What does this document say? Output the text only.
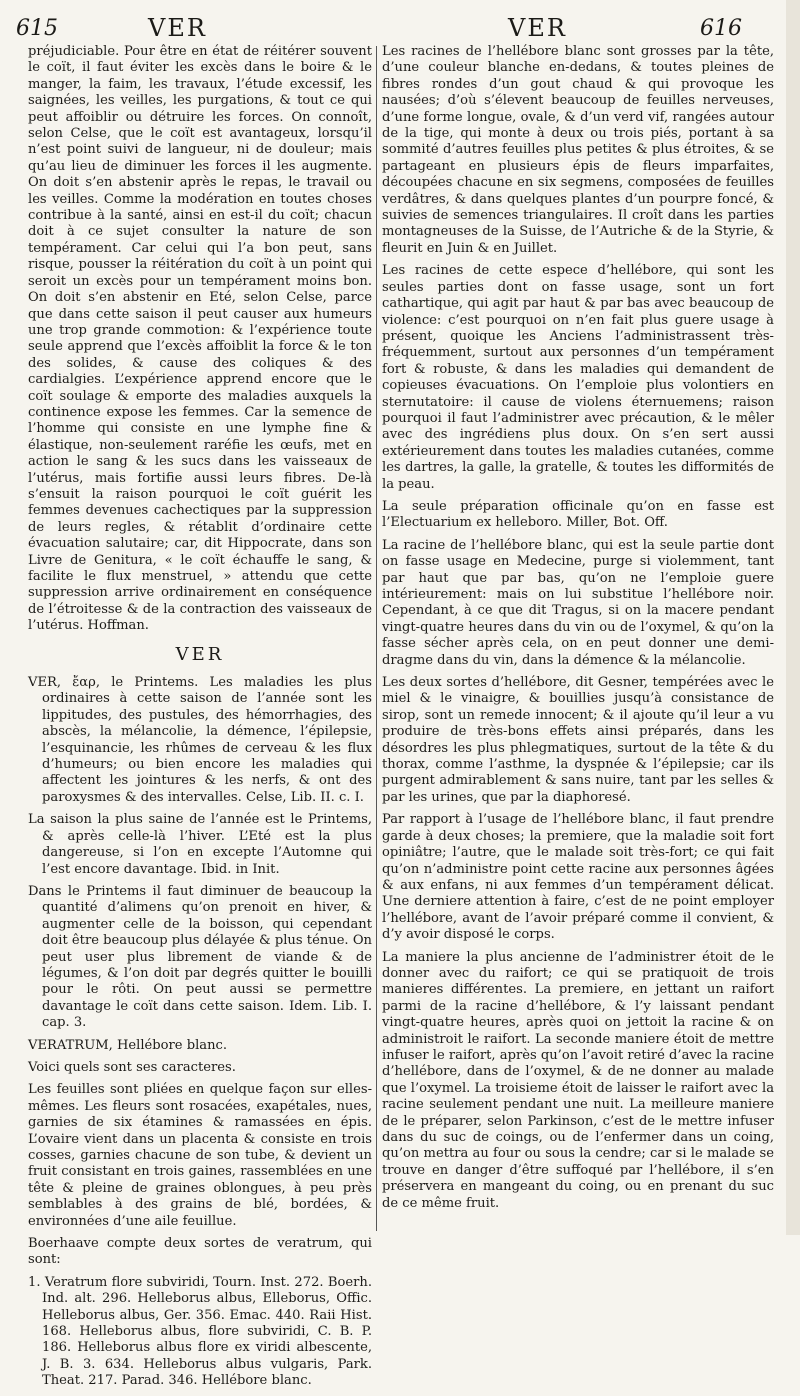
615	VER	VER	616

préjudiciable. Pour être en état de réitérer souvent le coït, il faut éviter les excès dans le boire & le manger, la faim, les travaux, l’étude excessif, les saignées, les veilles, les purgations, & tout ce qui peut affoiblir ou détruire les forces. On connoît, selon Celse, que le coït est avantageux, lorsqu’il n’est point suivi de langueur, ni de douleur; mais qu’au lieu de diminuer les forces il les augmente. On doit s’en abstenir après le repas, le travail ou les veilles. Comme la modération en toutes choses contribue à la santé, ainsi en est-il du coït; chacun doit à ce sujet consulter la nature de son tempérament. Car celui qui l’a bon peut, sans risque, pousser la réitération du coït à un point qui seroit un excès pour un tempérament moins bon. On doit s’en abstenir en Eté, selon Celse, parce que dans cette saison il peut causer aux humeurs une trop grande commotion: & l’expérience toute seule apprend que l’excès affoiblit la force & le ton des solides, & cause des coliques & des cardialgies. L’expérience apprend encore que le coït soulage & emporte des maladies auxquels la continence expose les femmes. Car la semence de l’homme qui consiste en une lymphe fine & élastique, non-seulement raréfie les œufs, met en action le sang & les sucs dans les vaisseaux de l’utérus, mais fortifie aussi leurs fibres. De-là s’ensuit la raison pourquoi le coït guérit les femmes devenues cachectiques par la suppression de leurs regles, & rétablit d’ordinaire cette évacuation salutaire; car, dit Hippocrate, dans son Livre de Genitura, « le coït échauffe le sang, & facilite le flux menstruel, » attendu que cette suppression arrive ordinairement en conséquence de l’étroitesse & de la contraction des vaisseaux de l’utérus. Hoffman.

VER

VER, ἔαρ, le Printems. Les maladies les plus ordinaires à cette saison de l’année sont les lippitudes, des pustules, des hémorrhagies, des abscès, la mélancolie, la démence, l’épilepsie, l’esquinancie, les rhûmes de cerveau & les flux d’humeurs; ou bien encore les maladies qui affectent les jointures & les nerfs, & ont des paroxysmes & des intervalles. Celse, Lib. II. c. I.

La saison la plus saine de l’année est le Printems, & après celle-là l’hiver. L’Eté est la plus dangereuse, si l’on en excepte l’Automne qui l’est encore davantage. Ibid. in Init.

Dans le Printems il faut diminuer de beaucoup la quantité d’alimens qu’on prenoit en hiver, & augmenter celle de la boisson, qui cependant doit être beaucoup plus délayée & plus ténue. On peut user plus librement de viande & de légumes, & l’on doit par degrés quitter le bouilli pour le rôti. On peut aussi se permettre davantage le coït dans cette saison. Idem. Lib. I. cap. 3.

VERATRUM, Hellébore blanc.

Voici quels sont ses caracteres.

Les feuilles sont pliées en quelque façon sur elles-mêmes. Les fleurs sont rosacées, exapétales, nues, garnies de six étamines & ramassées en épis. L’ovaire vient dans un placenta & consiste en trois cosses, garnies chacune de son tube, & devient un fruit consistant en trois gaines, rassemblées en une tête & pleine de graines oblongues, à peu près semblables à des grains de blé, bordées, & environnées d’une aile feuillue.

Boerhaave compte deux sortes de veratrum, qui sont:

1. Veratrum flore subviridi, Tourn. Inst. 272. Boerh. Ind. alt. 296. Helleborus albus, Elleborus, Offic. Helleborus albus, Ger. 356. Emac. 440. Raii Hist. 168. Helleborus albus, flore subviridi, C. B. P. 186. Helleborus albus flore ex viridi albescente, J. B. 3. 634. Helleborus albus vulgaris, Park. Theat. 217. Parad. 346. Hellébore blanc.

Les racines de l’hellébore blanc sont grosses par la tête, d’une couleur blanche en-dedans, & toutes pleines de fibres rondes d’un gout chaud & qui provoque les nausées; d’où s’élevent beaucoup de feuilles nerveuses, d’une forme longue, ovale, & d’un verd vif, rangées autour de la tige, qui monte à deux ou trois piés, portant à sa sommité d’autres feuilles plus petites & plus étroites, & se partageant en plusieurs épis de fleurs imparfaites, découpées chacune en six segmens, composées de feuilles verdâtres, & dans quelques plantes d’un pourpre foncé, & suivies de semences triangulaires. Il croît dans les parties montagneuses de la Suisse, de l’Autriche & de la Styrie, & fleurit en Juin & en Juillet.

Les racines de cette espece d’hellébore, qui sont les seules parties dont on fasse usage, sont un fort cathartique, qui agit par haut & par bas avec beaucoup de violence: c’est pourquoi on n’en fait plus guere usage à présent, quoique les Anciens l’administrassent très-fréquemment, surtout aux personnes d’un tempérament fort & robuste, & dans les maladies qui demandent de copieuses évacuations. On l’emploie plus volontiers en sternutatoire: il cause de violens éternuemens; raison pourquoi il faut l’administrer avec précaution, & le mêler avec des ingrédiens plus doux. On s’en sert aussi extérieurement dans toutes les maladies cutanées, comme les dartres, la galle, la gratelle, & toutes les difformités de la peau.

La seule préparation officinale qu’on en fasse est l’Electuarium ex helleboro. Miller, Bot. Off.

La racine de l’hellébore blanc, qui est la seule partie dont on fasse usage en Medecine, purge si violemment, tant par haut que par bas, qu’on ne l’emploie guere intérieurement: mais on lui substitue l’hellébore noir. Cependant, à ce que dit Tragus, si on la macere pendant vingt-quatre heures dans du vin ou de l’oxymel, & qu’on la fasse sécher après cela, on en peut donner une demi-dragme dans du vin, dans la démence & la mélancolie.

Les deux sortes d’hellébore, dit Gesner, tempérées avec le miel & le vinaigre, & bouillies jusqu’à consistance de sirop, sont un remede innocent; & il ajoute qu’il leur a vu produire de très-bons effets ainsi préparés, dans les désordres les plus phlegmatiques, surtout de la tête & du thorax, comme l’asthme, la dyspnée & l’épilepsie; car ils purgent admirablement & sans nuire, tant par les selles & par les urines, que par la diaphoresé.

Par rapport à l’usage de l’hellébore blanc, il faut prendre garde à deux choses; la premiere, que la maladie soit fort opiniâtre; l’autre, que le malade soit très-fort; ce qui fait qu’on n’administre point cette racine aux personnes âgées & aux enfans, ni aux femmes d’un tempérament délicat. Une derniere attention à faire, c’est de ne point employer l’hellébore, avant de l’avoir préparé comme il convient, & d’y avoir disposé le corps.

La maniere la plus ancienne de l’administrer étoit de le donner avec du raifort; ce qui se pratiquoit de trois manieres différentes. La premiere, en jettant un raifort parmi de la racine d’hellébore, & l’y laissant pendant vingt-quatre heures, après quoi on jettoit la racine & on administroit le raifort. La seconde maniere étoit de mettre infuser le raifort, après qu’on l’avoit retiré d’avec la racine d’hellébore, dans de l’oxymel, & de ne donner au malade que l’oxymel. La troisieme étoit de laisser le raifort avec la racine seulement pendant une nuit. La meilleure maniere de le préparer, selon Parkinson, c’est de le mettre infuser dans du suc de coings, ou de l’enfermer dans un coing, qu’on mettra au four ou sous la cendre; car si le malade se trouve en danger d’être suffoqué par l’hellébore, il s’en préservera en mangeant du coing, ou en prenant du suc de ce même fruit.
